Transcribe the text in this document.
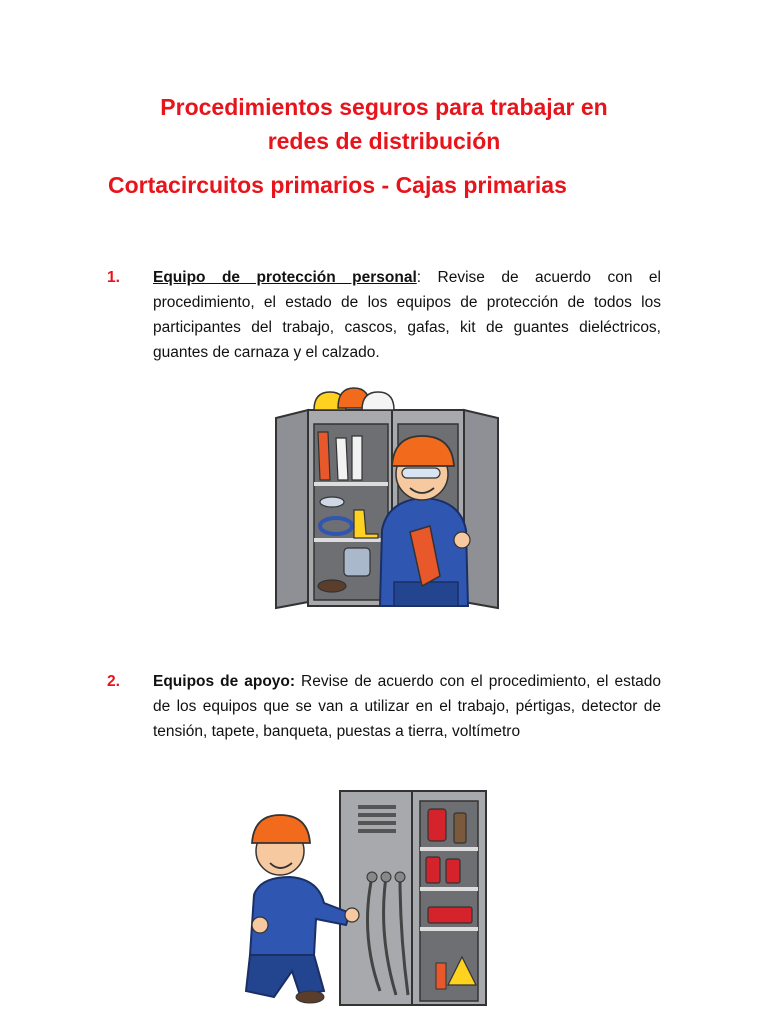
Procedimientos seguros para trabajar en
redes de distribución
Cortacircuitos primarios - Cajas primarias
1. Equipo de protección personal: Revise de acuerdo con el procedimiento, el estado de los equipos de protección de todos los participantes del trabajo, cascos, gafas, kit de guantes dieléctricos, guantes de carnaza y el calzado.
2. Equipos de apoyo: Revise de acuerdo con el procedimiento, el estado de los equipos que se van a utilizar en el trabajo, pértigas, detector de tensión, tapete, banqueta, puestas a tierra, voltímetro
